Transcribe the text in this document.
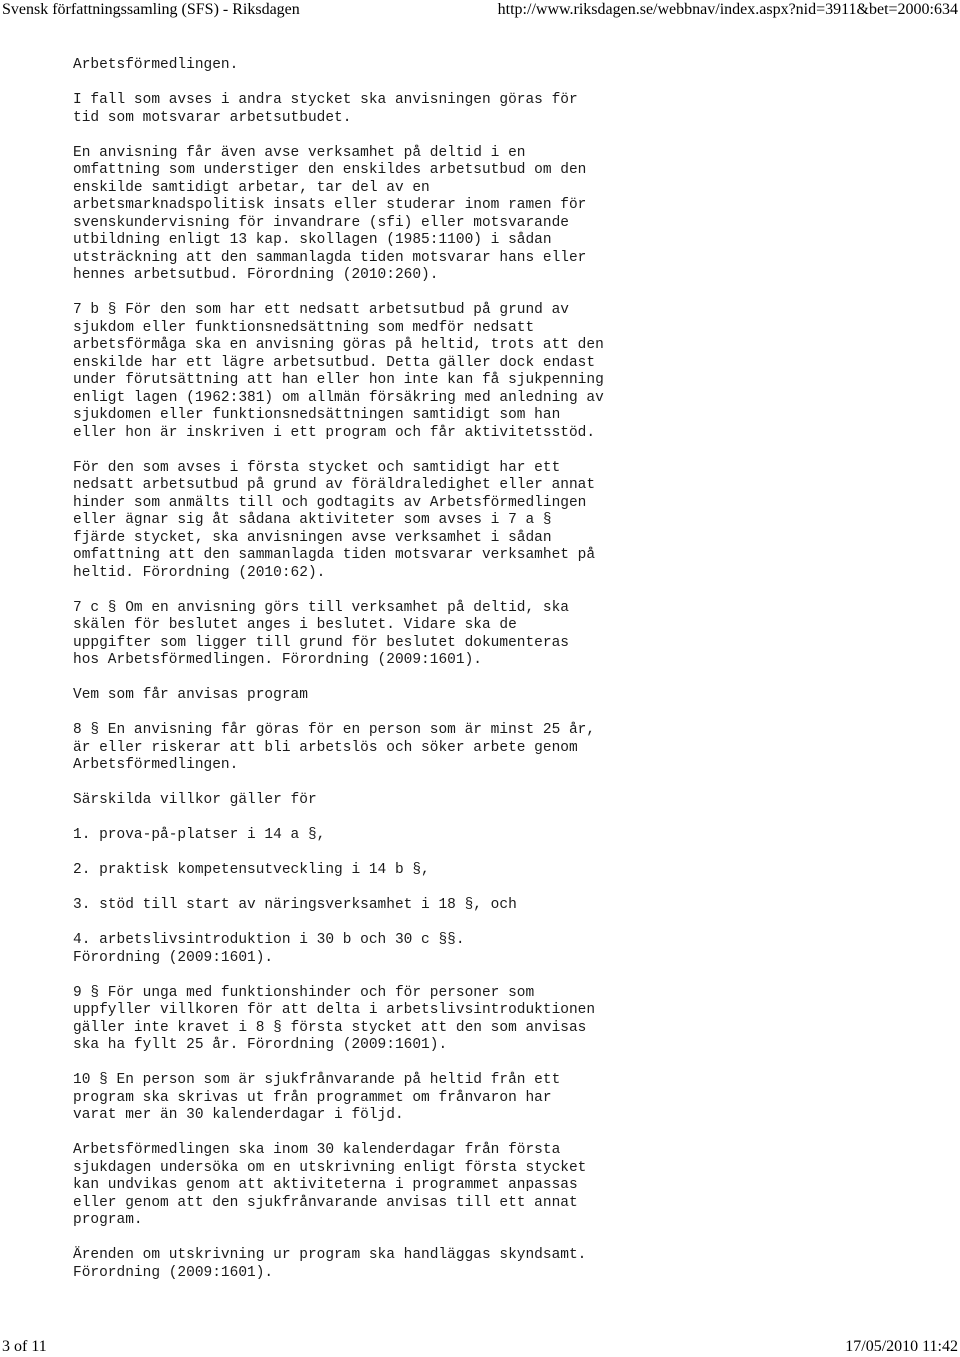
Svensk författningssamling (SFS) - Riksdagen	http://www.riksdagen.se/webbnav/index.aspx?nid=3911&bet=2000:634

Arbetsförmedlingen.

I fall som avses i andra stycket ska anvisningen göras för
tid som motsvarar arbetsutbudet.

En anvisning får även avse verksamhet på deltid i en
omfattning som understiger den enskildes arbetsutbud om den
enskilde samtidigt arbetar, tar del av en
arbetsmarknadspolitisk insats eller studerar inom ramen för
svenskundervisning för invandrare (sfi) eller motsvarande
utbildning enligt 13 kap. skollagen (1985:1100) i sådan
utsträckning att den sammanlagda tiden motsvarar hans eller
hennes arbetsutbud. Förordning (2010:260).

7 b § För den som har ett nedsatt arbetsutbud på grund av
sjukdom eller funktionsnedsättning som medför nedsatt
arbetsförmåga ska en anvisning göras på heltid, trots att den
enskilde har ett lägre arbetsutbud. Detta gäller dock endast
under förutsättning att han eller hon inte kan få sjukpenning
enligt lagen (1962:381) om allmän försäkring med anledning av
sjukdomen eller funktionsnedsättningen samtidigt som han
eller hon är inskriven i ett program och får aktivitetsstöd.

För den som avses i första stycket och samtidigt har ett
nedsatt arbetsutbud på grund av föräldraledighet eller annat
hinder som anmälts till och godtagits av Arbetsförmedlingen
eller ägnar sig åt sådana aktiviteter som avses i 7 a §
fjärde stycket, ska anvisningen avse verksamhet i sådan
omfattning att den sammanlagda tiden motsvarar verksamhet på
heltid. Förordning (2010:62).

7 c § Om en anvisning görs till verksamhet på deltid, ska
skälen för beslutet anges i beslutet. Vidare ska de
uppgifter som ligger till grund för beslutet dokumenteras
hos Arbetsförmedlingen. Förordning (2009:1601).

Vem som får anvisas program

8 § En anvisning får göras för en person som är minst 25 år,
är eller riskerar att bli arbetslös och söker arbete genom
Arbetsförmedlingen.

Särskilda villkor gäller för

1. prova-på-platser i 14 a §,

2. praktisk kompetensutveckling i 14 b §,

3. stöd till start av näringsverksamhet i 18 §, och

4. arbetslivsintroduktion i 30 b och 30 c §§.
Förordning (2009:1601).

9 § För unga med funktionshinder och för personer som
uppfyller villkoren för att delta i arbetslivsintroduktionen
gäller inte kravet i 8 § första stycket att den som anvisas
ska ha fyllt 25 år. Förordning (2009:1601).

10 § En person som är sjukfrånvarande på heltid från ett
program ska skrivas ut från programmet om frånvaron har
varat mer än 30 kalenderdagar i följd.

Arbetsförmedlingen ska inom 30 kalenderdagar från första
sjukdagen undersöka om en utskrivning enligt första stycket
kan undvikas genom att aktiviteterna i programmet anpassas
eller genom att den sjukfrånvarande anvisas till ett annat
program.

Ärenden om utskrivning ur program ska handläggas skyndsamt.
Förordning (2009:1601).

3 of 11	17/05/2010 11:42
